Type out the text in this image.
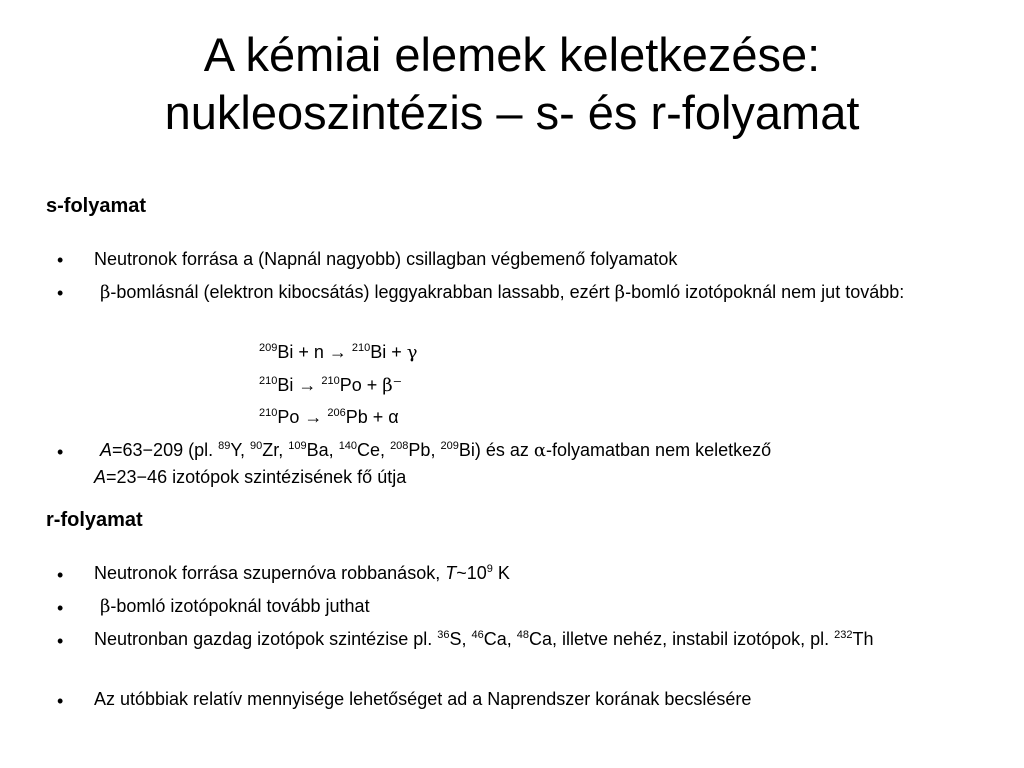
A kémiai elemek keletkezése:
nukleoszintézis – s- és r-folyamat
s-folyamat
• Neutronok forrása a (Napnál nagyobb) csillagban végbemenő folyamatok
•	β-bomlásnál (elektron kibocsátás) leggyakrabban lassabb, ezért β-bomló izotópoknál nem jut tovább:
$^{209}$Bi + n → $^{210}$Bi + γ
$^{210}$Bi → $^{210}$Po + β⁻
$^{210}$Po → $^{206}$Pb + α
•	A=63−209 (pl. $^{89}$Y, $^{90}$Zr, $^{109}$Ba, $^{140}$Ce, $^{208}$Pb, $^{209}$Bi) és az α-folyamatban nem keletkező
A=23−46 izotópok szintézisének fő útja
r-folyamat
• Neutronok forrása szupernóva robbanások, $T\sim 10^9$ K
•	β-bomló izotópoknál tovább juthat
• Neutronban gazdag izotópok szintézise pl. $^{36}$S, $^{46}$Ca, $^{48}$Ca, illetve nehéz, instabil izotópok, pl. $^{232}$Th
• Az utóbbiak relatív mennyisége lehetőséget ad a Naprendszer korának becslésére
